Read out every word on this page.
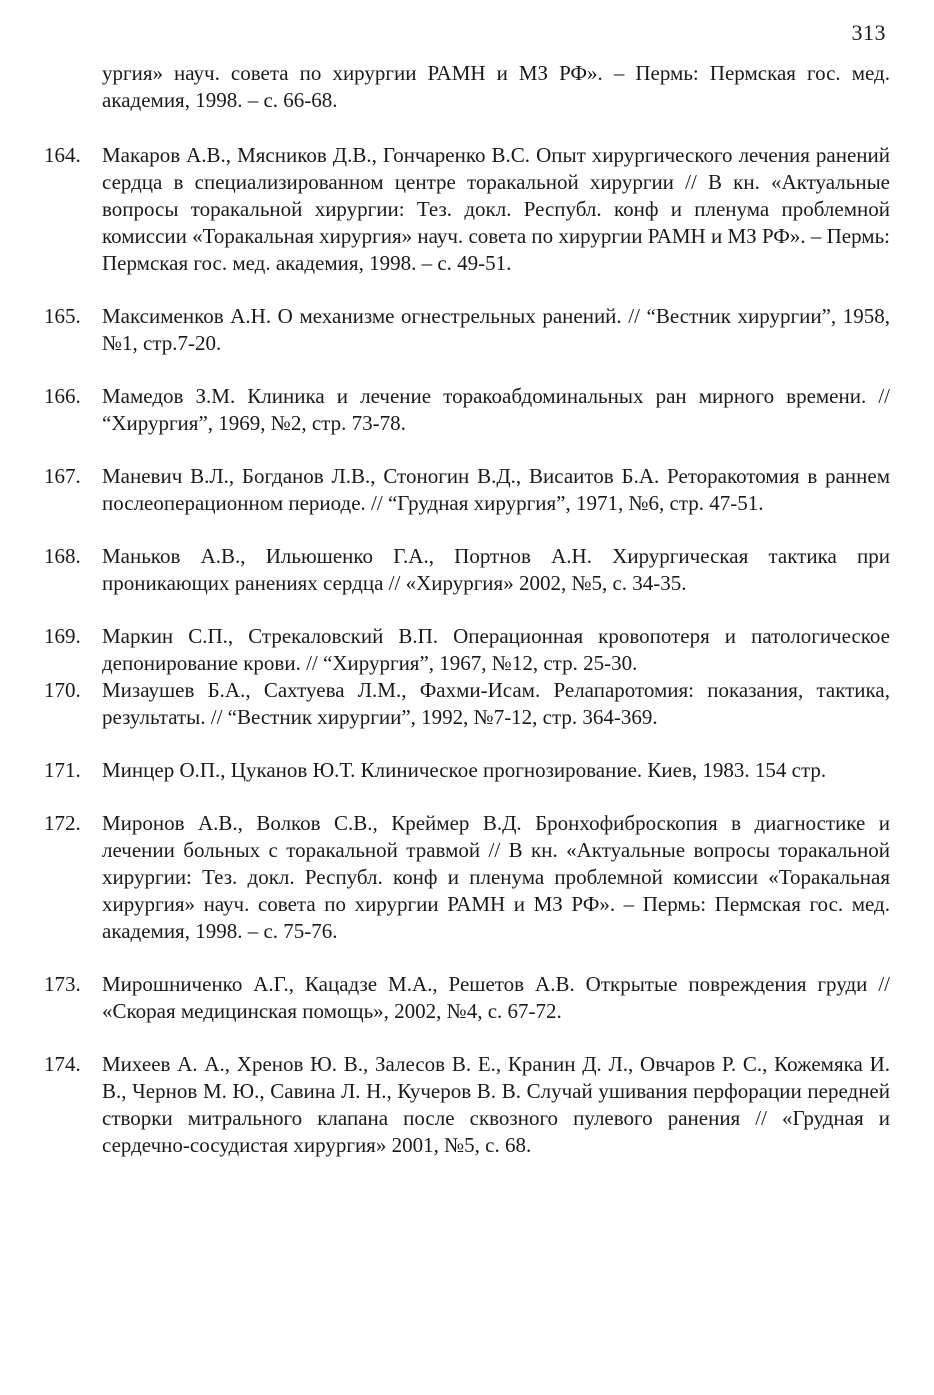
313
ургия» науч. совета по хирургии РАМН и МЗ РФ». – Пермь: Пермская гос. мед. академия, 1998. – с. 66-68.
164.	Макаров А.В., Мясников Д.В., Гончаренко В.С. Опыт хирургического лечения ранений сердца в специализированном центре торакальной хирургии // В кн. «Актуальные вопросы торакальной хирургии: Тез. докл. Республ. конф и пленума проблемной комиссии «Торакальная хирургия» науч. совета по хирургии РАМН и МЗ РФ». – Пермь: Пермская гос. мед. академия, 1998. – с. 49-51.
165.	Максименков А.Н. О механизме огнестрельных ранений. // “Вестник хирургии”, 1958, №1, стр.7-20.
166.	Мамедов З.М. Клиника и лечение торакоабдоминальных ран мирного времени. // “Хирургия”, 1969, №2, стр. 73-78.
167.	Маневич В.Л., Богданов Л.В., Стоногин В.Д., Висаитов Б.А. Реторакотомия в раннем послеоперационном периоде. // “Грудная хирургия”, 1971, №6, стр. 47-51.
168.	Маньков А.В., Ильюшенко Г.А., Портнов А.Н. Хирургическая тактика при проникающих ранениях сердца // «Хирургия» 2002, №5, с. 34-35.
169.	Маркин С.П., Стрекаловский В.П. Операционная кровопотеря и патологическое депонирование крови. // “Хирургия”, 1967, №12, стр. 25-30.
170.	Мизаушев Б.А., Сахтуева Л.М., Фахми-Исам. Релапаротомия: показания, тактика, результаты. // “Вестник хирургии”, 1992, №7-12, стр. 364-369.
171.	Минцер О.П., Цуканов Ю.Т. Клиническое прогнозирование. Киев, 1983. 154 стр.
172.	Миронов А.В., Волков С.В., Креймер В.Д. Бронхофиброскопия в диагностике и лечении больных с торакальной травмой // В кн. «Актуальные вопросы торакальной хирургии: Тез. докл. Республ. конф и пленума проблемной комиссии «Торакальная хирургия» науч. совета по хирургии РАМН и МЗ РФ». – Пермь: Пермская гос. мед. академия, 1998. – с. 75-76.
173.	Мирошниченко А.Г., Кацадзе М.А., Решетов А.В. Открытые повреждения груди // «Скорая медицинская помощь», 2002, №4, с. 67-72.
174.	Михеев А. А., Хренов Ю. В., Залесов В. Е., Кранин Д. Л., Овчаров Р. С., Кожемяка И. В., Чернов М. Ю., Савина Л. Н., Кучеров В. В. Случай ушивания перфорации передней створки митрального клапана после сквозного пулевого ранения // «Грудная и сердечно-сосудистая хирургия» 2001, №5, с. 68.
